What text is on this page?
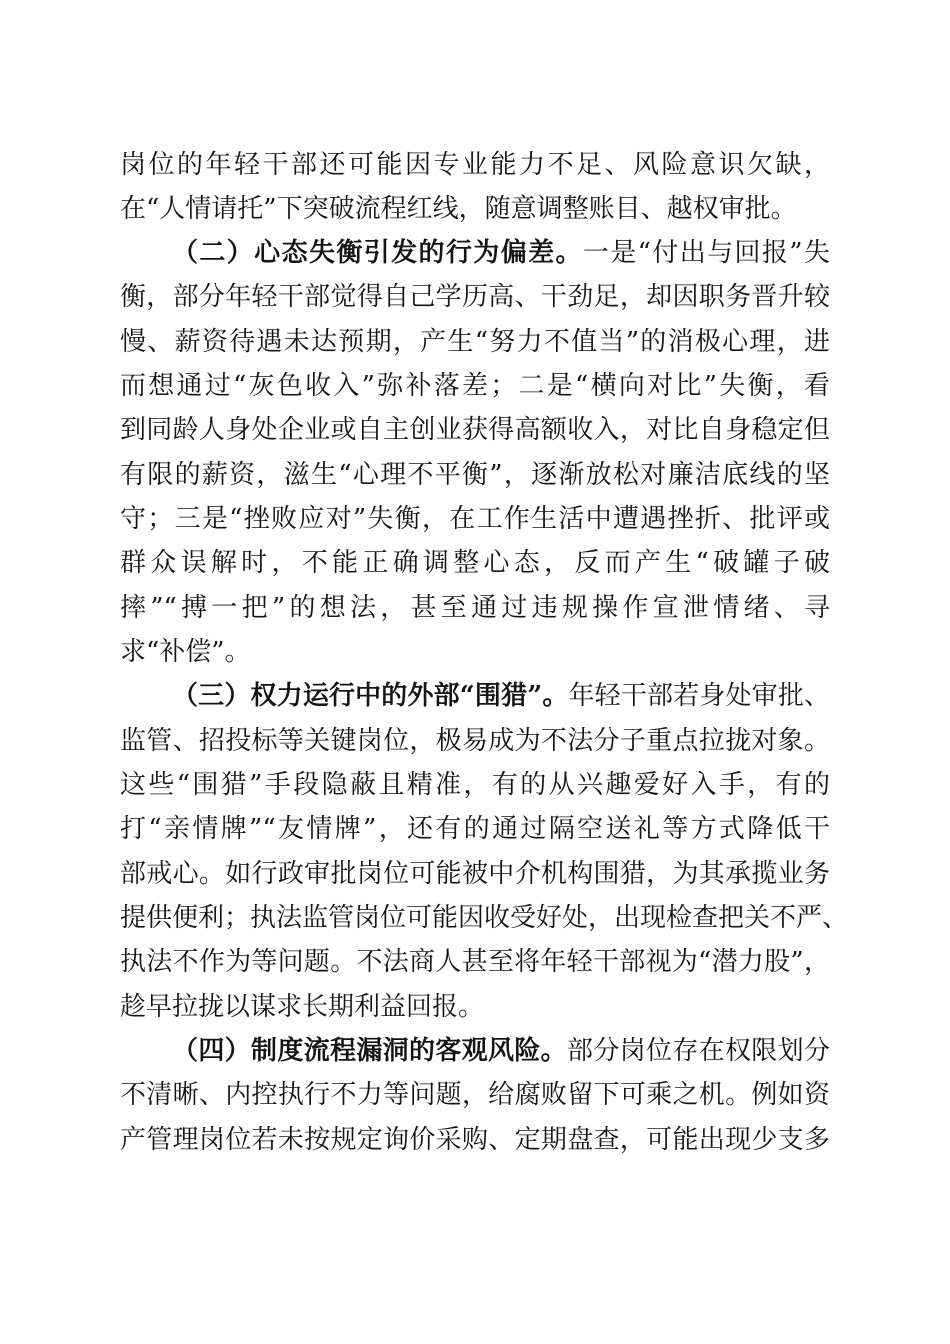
岗位的年轻干部还可能因专业能力不足、风险意识欠缺，
在“人情请托”下突破流程红线，随意调整账目、越权审批。
（二）心态失衡引发的行为偏差。一是“付出与回报”失
衡，部分年轻干部觉得自己学历高、干劲足，却因职务晋升较
慢、薪资待遇未达预期，产生“努力不值当”的消极心理，进
而想通过“灰色收入”弥补落差；二是“横向对比”失衡，看
到同龄人身处企业或自主创业获得高额收入，对比自身稳定但
有限的薪资，滋生“心理不平衡”，逐渐放松对廉洁底线的坚
守；三是“挫败应对”失衡，在工作生活中遭遇挫折、批评或
群众误解时，不能正确调整心态，反而产生“破罐子破
摔”“搏一把”的想法，甚至通过违规操作宣泄情绪、寻
求“补偿”。
（三）权力运行中的外部“围猎”。年轻干部若身处审批、
监管、招投标等关键岗位，极易成为不法分子重点拉拢对象。
这些“围猎”手段隐蔽且精准，有的从兴趣爱好入手，有的
打“亲情牌”“友情牌”，还有的通过隔空送礼等方式降低干
部戒心。如行政审批岗位可能被中介机构围猎，为其承揽业务
提供便利；执法监管岗位可能因收受好处，出现检查把关不严、
执法不作为等问题。不法商人甚至将年轻干部视为“潜力股”，
趁早拉拢以谋求长期利益回报。
（四）制度流程漏洞的客观风险。部分岗位存在权限划分
不清晰、内控执行不力等问题，给腐败留下可乘之机。例如资
产管理岗位若未按规定询价采购、定期盘查，可能出现少支多
